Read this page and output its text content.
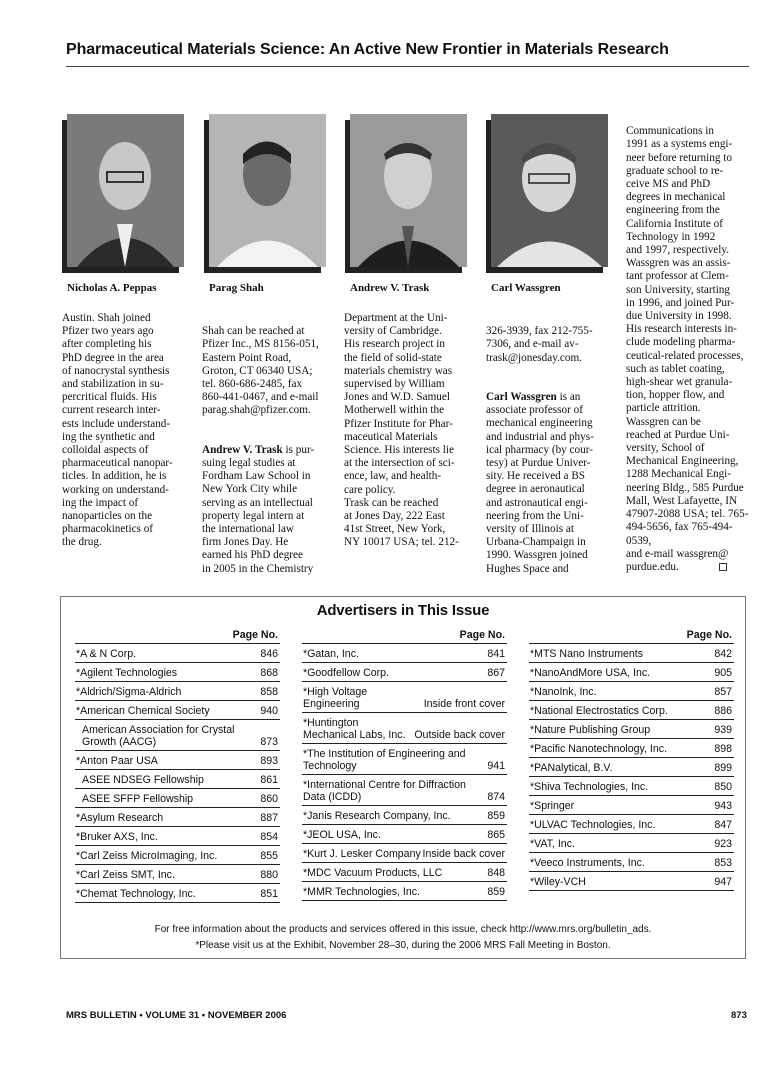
Pharmaceutical Materials Science: An Active New Frontier in Materials Research
Nicholas A. Peppas	Parag Shah	Andrew V. Trask	Carl Wassgren
Austin. Shah joined
Pfizer two years ago
after completing his
PhD degree in the area
of nanocrystal synthesis
and stabilization in su-
percritical fluids. His
current research inter-
ests include understand-
ing the synthetic and
colloidal aspects of
pharmaceutical nanopar-
ticles. In addition, he is
working on understand-
ing the impact of
nanoparticles on the
pharmacokinetics of
the drug.

Shah can be reached at
Pfizer Inc., MS 8156-051,
Eastern Point Road,
Groton, CT 06340 USA;
tel. 860-686-2485, fax
860-441-0467, and e-mail
parag.shah@pfizer.com.

Andrew V. Trask is pur-
suing legal studies at
Fordham Law School in
New York City while
serving as an intellectual
property legal intern at
the international law
firm Jones Day. He
earned his PhD degree
in 2005 in the Chemistry

Department at the Uni-
versity of Cambridge.
His research project in
the field of solid-state
materials chemistry was
supervised by William
Jones and W.D. Samuel
Motherwell within the
Pfizer Institute for Phar-
maceutical Materials
Science. His interests lie
at the intersection of sci-
ence, law, and health-
care policy.
Trask can be reached
at Jones Day, 222 East
41st Street, New York,
NY 10017 USA; tel. 212-

326-3939, fax 212-755-
7306, and e-mail av-
trask@jonesday.com.

Carl Wassgren is an
associate professor of
mechanical engineering
and industrial and phys-
ical pharmacy (by cour-
tesy) at Purdue Univer-
sity. He received a BS
degree in aeronautical
and astronautical engi-
neering from the Uni-
versity of Illinois at
Urbana-Champaign in
1990. Wassgren joined
Hughes Space and

Communications in
1991 as a systems engi-
neer before returning to
graduate school to re-
ceive MS and PhD
degrees in mechanical
engineering from the
California Institute of
Technology in 1992
and 1997, respectively.
Wassgren was an assis-
tant professor at Clem-
son University, starting
in 1996, and joined Pur-
due University in 1998.
His research interests in-
clude modeling pharma-
ceutical-related processes,
such as tablet coating,
high-shear wet granula-
tion, hopper flow, and
particle attrition.
Wassgren can be
reached at Purdue Uni-
versity, School of
Mechanical Engineering,
1288 Mechanical Engi-
neering Bldg., 585 Purdue
Mall, West Lafayette, IN
47907-2088 USA; tel. 765-
494-5656, fax 765-494-0539,
and e-mail wassgren@
purdue.edu.

Advertisers in This Issue
Page No.
*A & N Corp.	846
*Agilent Technologies	868
*Aldrich/Sigma-Aldrich	858
*American Chemical Society	940
American Association for Crystal Growth (AACG)	873
*Anton Paar USA	893
ASEE NDSEG Fellowship	861
ASEE SFFP Fellowship	860
*Asylum Research	887
*Bruker AXS, Inc.	854
*Carl Zeiss MicroImaging, Inc.	855
*Carl Zeiss SMT, Inc.	880
*Chemat Technology, Inc.	851
Page No.
*Gatan, Inc.	841
*Goodfellow Corp.	867
*High Voltage Engineering	Inside front cover
*Huntington Mechanical Labs, Inc. Outside back cover
*The Institution of Engineering and Technology	941
*International Centre for Diffraction Data (ICDD)	874
*Janis Research Company, Inc.	859
*JEOL USA, Inc.	865
*Kurt J. Lesker Company Inside back cover
*MDC Vacuum Products, LLC	848
*MMR Technologies, Inc.	859
Page No.
*MTS Nano Instruments	842
*NanoAndMore USA, Inc.	905
*NanoInk, Inc.	857
*National Electrostatics Corp.	886
*Nature Publishing Group	939
*Pacific Nanotechnology, Inc.	898
*PANalytical, B.V.	899
*Shiva Technologies, Inc.	850
*Springer	943
*ULVAC Technologies, Inc.	847
*VAT, Inc.	923
*Veeco Instruments, Inc.	853
*Wiley-VCH	947
For free information about the products and services offered in this issue, check http://www.mrs.org/bulletin_ads.
*Please visit us at the Exhibit, November 28–30, during the 2006 MRS Fall Meeting in Boston.
MRS BULLETIN • VOLUME 31 • NOVEMBER 2006	873
